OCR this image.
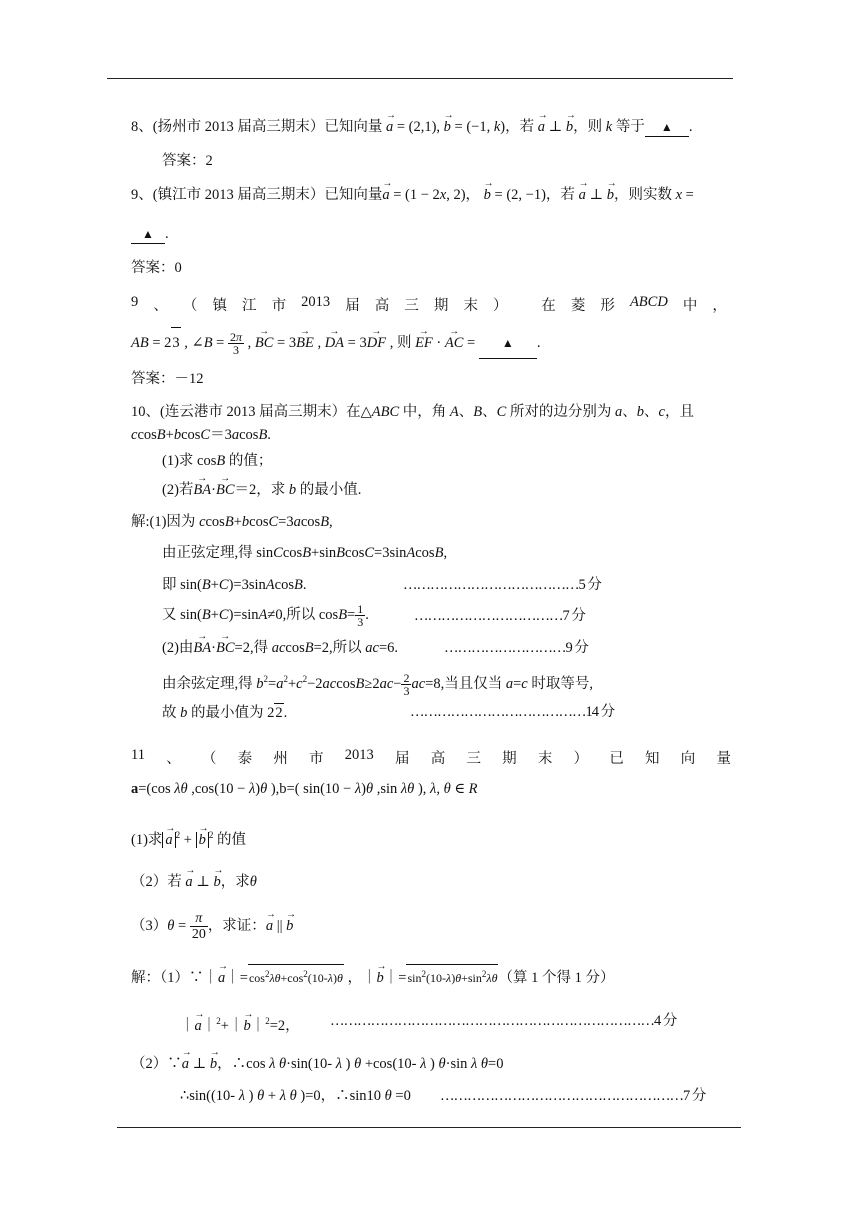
8、(扬州市 2013 届高三期末）已知向量 → a = (2,1), → b = (−1, k)，若 → a ⊥ → b，则 k 等于 ▲ .
答案：2
9、(镇江市 2013 届高三期末）已知向量→ a = (1 − 2x, 2)， → b = (2, −1)，若 → a ⊥ → b，则实数 x =
▲ .
答案：0
9 、 （ 镇 江 市 2013 届 高 三 期 末 ）
在 菱 形 ABCD 中 ，
AB = 23 , ∠B = $\frac{2\pi}{3}$ , → BC = 3→ BE , → DA = 3→ DF , 则 → EF · → AC = ▲ .
答案：－12
10、(连云港市 2013 届高三期末）在△ABC 中，角 A、B、C 所对的边分别为 a、b、c，且
ccosB+bcosC＝3acosB.
(1)求 cosB 的值；
(2)若→ BA·→ BC＝2，求 b 的最小值.
解:(1)因为 ccosB+bcosC=3acosB,
由正弦定理,得 sinCcosB+sinBcosC=3sinAcosB,
即 sin(B+C)=3sinAcosB.	…………………………………5 分
又 sin(B+C)=sinA≠0,所以 $\cos B= \frac{1}{3}$ .	……………………………7 分
(2)由→ BA·→ BC=2,得 accosB=2,所以 ac=6.	………………………9 分
由余弦定理,得 $b^2=a^2+c^2-2accosB\ge 2ac- \frac{2}{3} ac=8$,当且仅当 a=c 时取等号,
故 b 的最小值为 22.	…………………………………14 分
11 、 （ 泰 州 市 2013 届 高 三 期 末 ） 已 知 向 量
a=(cos λθ ,cos(10 − λ)θ ),b=( sin(10 − λ)θ ,sin λθ ), λ, θ ∈ R
(1)求 → a $^2$ + → b $^2$ 的值
（2）若 → a ⊥ → b，求θ
$(3)\theta = \frac{\pi}{20}$ ，求证：→ a || → b
解：（1）∵｜→ $a|=\cos^2\lambda\theta+\cos^2(10-\lambda)\theta$ ，｜→ $b|=\sin^2(10-\lambda)\theta+\sin^2\lambda\theta$（算 1 个得 1 分）
｜→ a｜$^2$+｜→ b｜$^2$=2， ………………………………………………………………4 分
（2）∵→ a ⊥ → b，∴cos λ θ·sin(10- λ ) θ +cos(10- λ ) θ·sin λ θ=0
∴sin((10- λ ) θ + λ θ )=0，∴sin10 θ =0 ………………………………………………7 分
